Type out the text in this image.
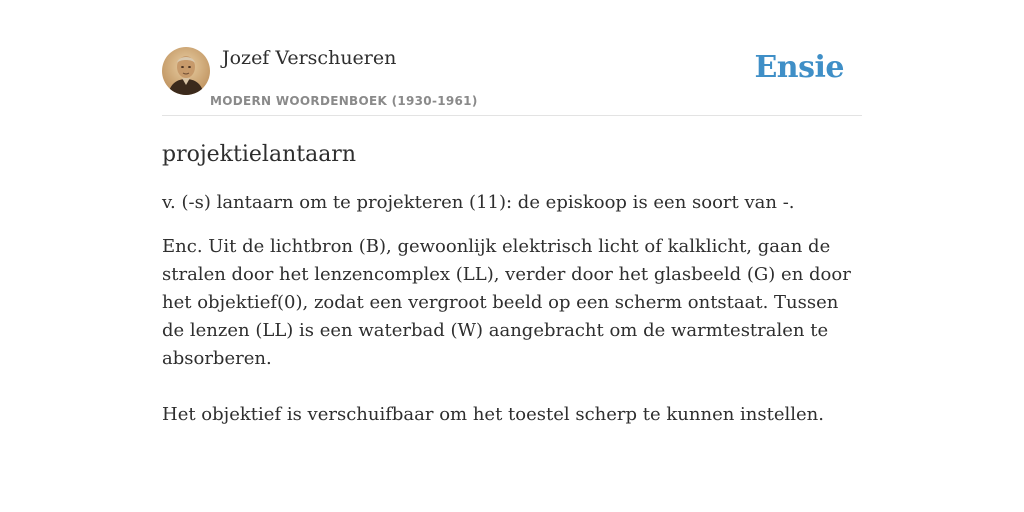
Jozef Verschueren
MODERN WOORDENBOEK (1930-1961)
Ensie
projektielantaarn

v. (-s) lantaarn om te projekteren (11): de episkoop is een soort van -.

Enc. Uit de lichtbron (B), gewoonlijk elektrisch licht of kalklicht, gaan de stralen door het lenzencomplex (LL), verder door het glasbeeld (G) en door het objektief(0), zodat een vergroot beeld op een scherm ontstaat. Tussen de lenzen (LL) is een waterbad (W) aangebracht om de warmtestralen te absorberen.

Het objektief is verschuifbaar om het toestel scherp te kunnen instellen.
